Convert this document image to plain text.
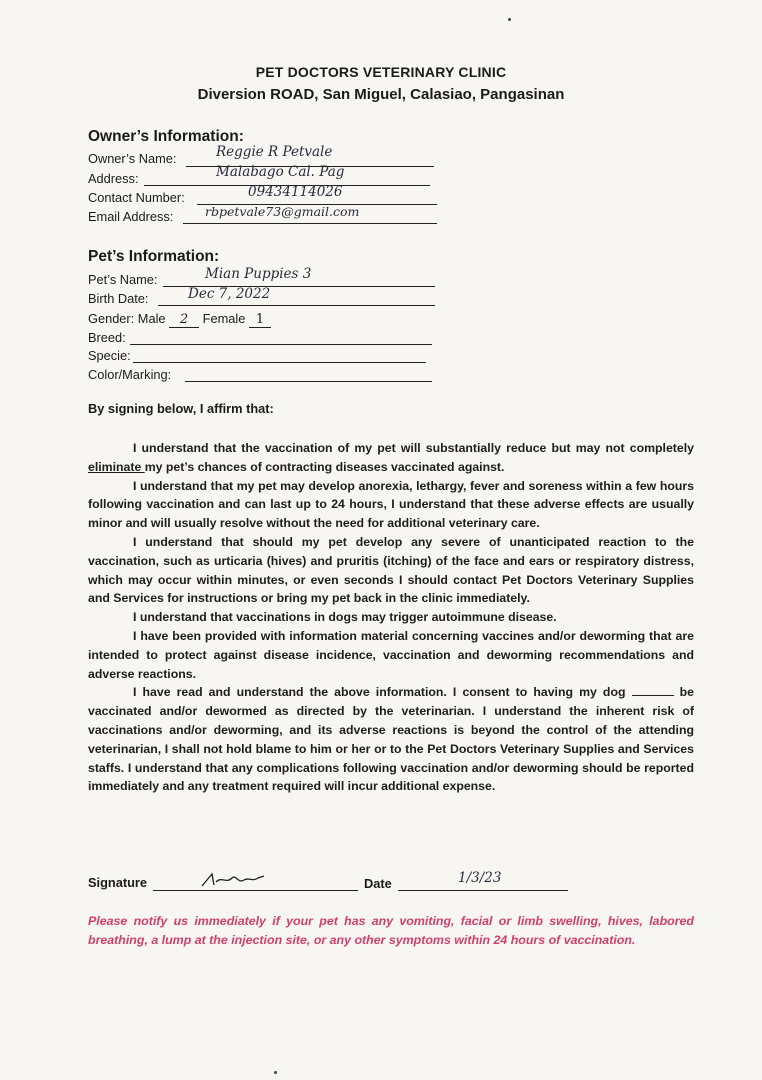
PET DOCTORS VETERINARY CLINIC
Diversion ROAD, San Miguel, Calasiao, Pangasinan
Owner’s Information:
Owner’s Name:	Reggie R Petvale
Address:	Malabago Cal. Pag
Contact Number:	09434114026
Email Address:	rbpetvale73@gmail.com
Pet’s Information:
Pet’s Name:	Mian Puppies 3
Birth Date:	Dec 7, 2022
Gender: Male 2 Female 1
Breed:
Specie:
Color/Marking:
By signing below, I affirm that:

I understand that the vaccination of my pet will substantially reduce but may not completely eliminate my pet’s chances of contracting diseases vaccinated against.

I understand that my pet may develop anorexia, lethargy, fever and soreness within a few hours following vaccination and can last up to 24 hours, I understand that these adverse effects are usually minor and will usually resolve without the need for additional veterinary care.

I understand that should my pet develop any severe of unanticipated reaction to the vaccination, such as urticaria (hives) and pruritis (itching) of the face and ears or respiratory distress, which may occur within minutes, or even seconds I should contact Pet Doctors Veterinary Supplies and Services for instructions or bring my pet back in the clinic immediately.

I understand that vaccinations in dogs may trigger autoimmune disease.

I have been provided with information material concerning vaccines and/or deworming that are intended to protect against disease incidence, vaccination and deworming recommendations and adverse reactions.

I have read and understand the above information. I consent to having my dog	be vaccinated and/or dewormed as directed by the veterinarian. I understand the inherent risk of vaccinations and/or deworming, and its adverse reactions is beyond the control of the attending veterinarian, I shall not hold blame to him or her or to the Pet Doctors Veterinary Supplies and Services staffs. I understand that any complications following vaccination and/or deworming should be reported immediately and any treatment required will incur additional expense.

Signature	Date	1/3/23
Please notify us immediately if your pet has any vomiting, facial or limb swelling, hives, labored breathing, a lump at the injection site, or any other symptoms within 24 hours of vaccination.
